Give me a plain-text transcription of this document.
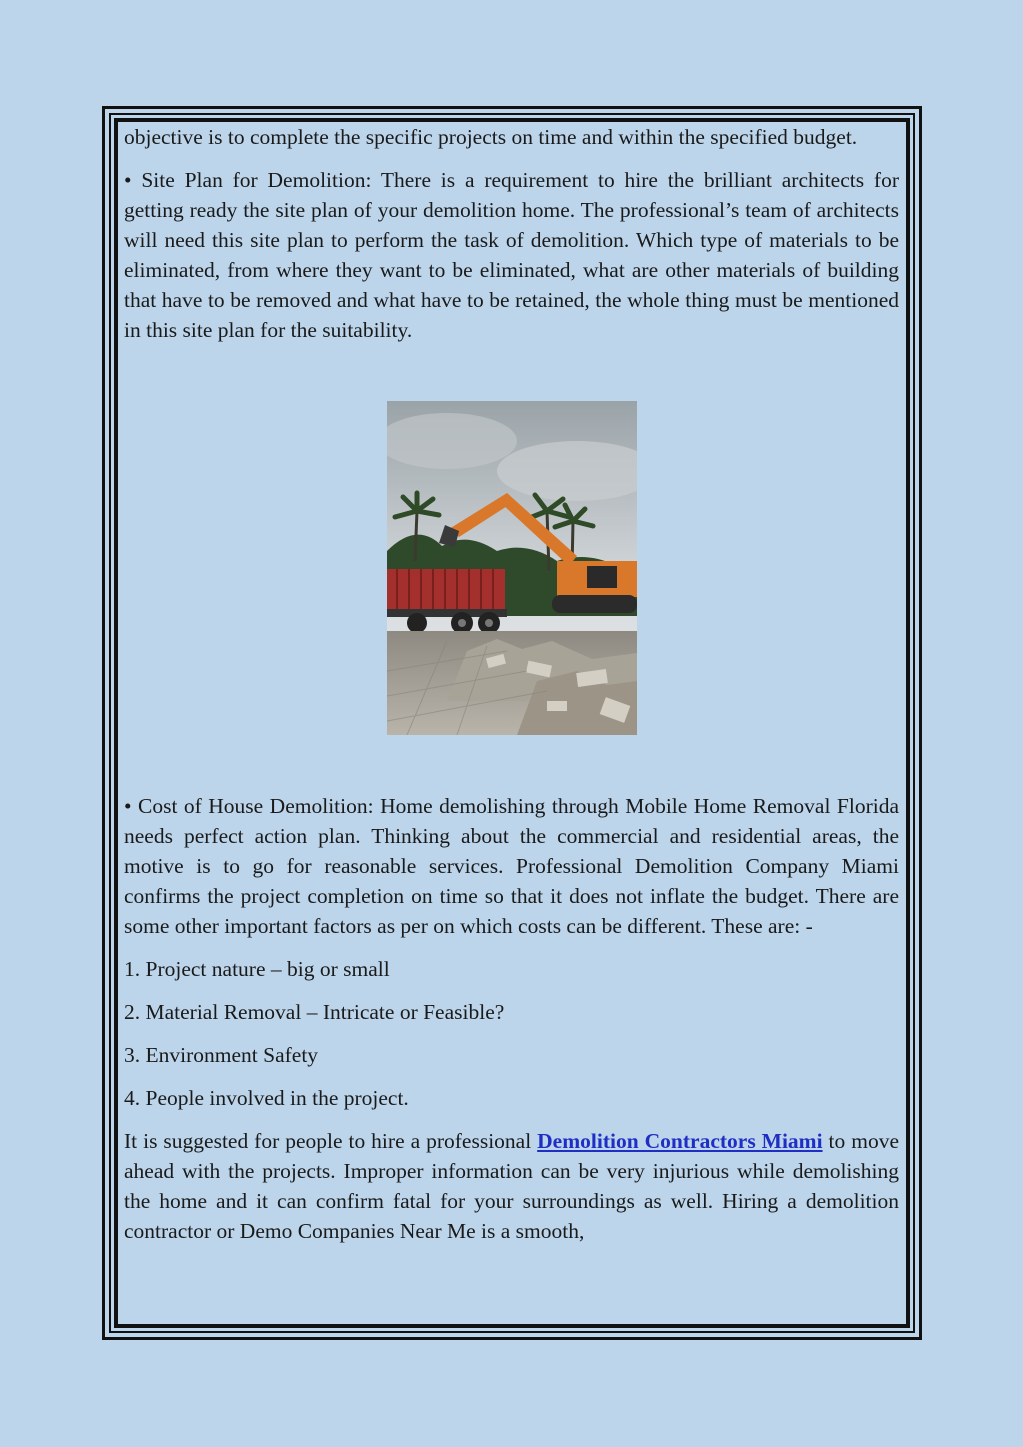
objective is to complete the specific projects on time and within the specified budget.

• Site Plan for Demolition: There is a requirement to hire the brilliant architects for getting ready the site plan of your demolition home. The professional’s team of architects will need this site plan to perform the task of demolition. Which type of materials to be eliminated, from where they want to be eliminated, what are other materials of building that have to be removed and what have to be retained, the whole thing must be mentioned in this site plan for the suitability.

• Cost of House Demolition: Home demolishing through Mobile Home Removal Florida needs perfect action plan. Thinking about the commercial and residential areas, the motive is to go for reasonable services. Professional Demolition Company Miami confirms the project completion on time so that it does not inflate the budget. There are some other important factors as per on which costs can be different. These are: -

1. Project nature – big or small

2. Material Removal – Intricate or Feasible?

3. Environment Safety

4. People involved in the project.

It is suggested for people to hire a professional Demolition Contractors Miami to move ahead with the projects. Improper information can be very injurious while demolishing the home and it can confirm fatal for your surroundings as well. Hiring a demolition contractor or Demo Companies Near Me is a smooth,
